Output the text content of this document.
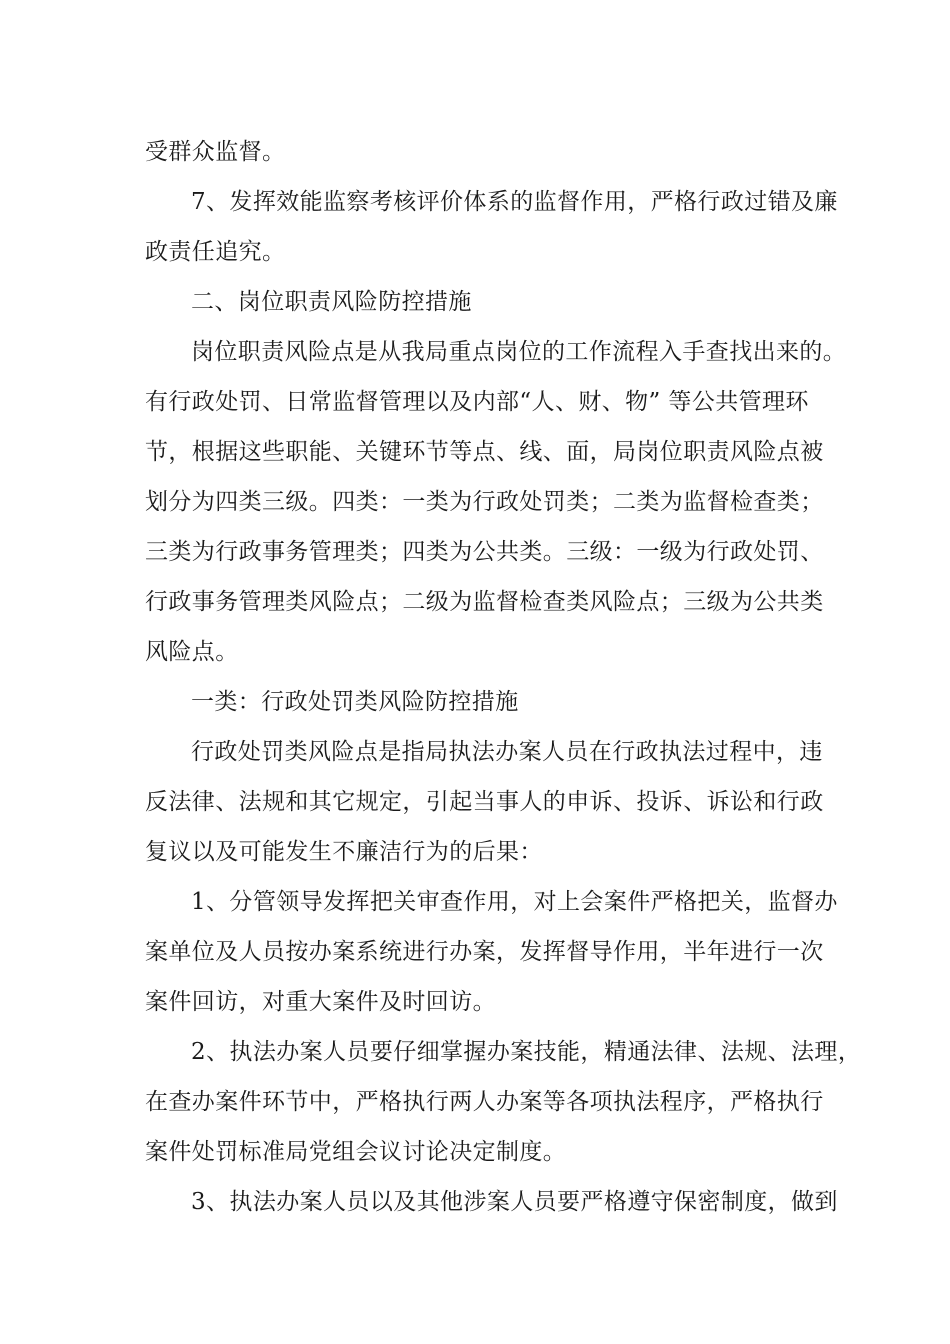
受群众监督。
7、发挥效能监察考核评价体系的监督作用，严格行政过错及廉
政责任追究。
二、岗位职责风险防控措施
岗位职责风险点是从我局重点岗位的工作流程入手查找出来的。
有行政处罚、日常监督管理以及内部“人、财、物” 等公共管理环
节，根据这些职能、关键环节等点、线、面，局岗位职责风险点被
划分为四类三级。四类：一类为行政处罚类；二类为监督检查类；
三类为行政事务管理类；四类为公共类。三级：一级为行政处罚、
行政事务管理类风险点；二级为监督检查类风险点；三级为公共类
风险点。
一类：行政处罚类风险防控措施
行政处罚类风险点是指局执法办案人员在行政执法过程中，违
反法律、法规和其它规定，引起当事人的申诉、投诉、诉讼和行政
复议以及可能发生不廉洁行为的后果：
1、分管领导发挥把关审查作用，对上会案件严格把关，监督办
案单位及人员按办案系统进行办案，发挥督导作用，半年进行一次
案件回访，对重大案件及时回访。
2、执法办案人员要仔细掌握办案技能，精通法律、法规、法理，
在查办案件环节中，严格执行两人办案等各项执法程序，严格执行
案件处罚标准局党组会议讨论决定制度。
3、执法办案人员以及其他涉案人员要严格遵守保密制度，做到
